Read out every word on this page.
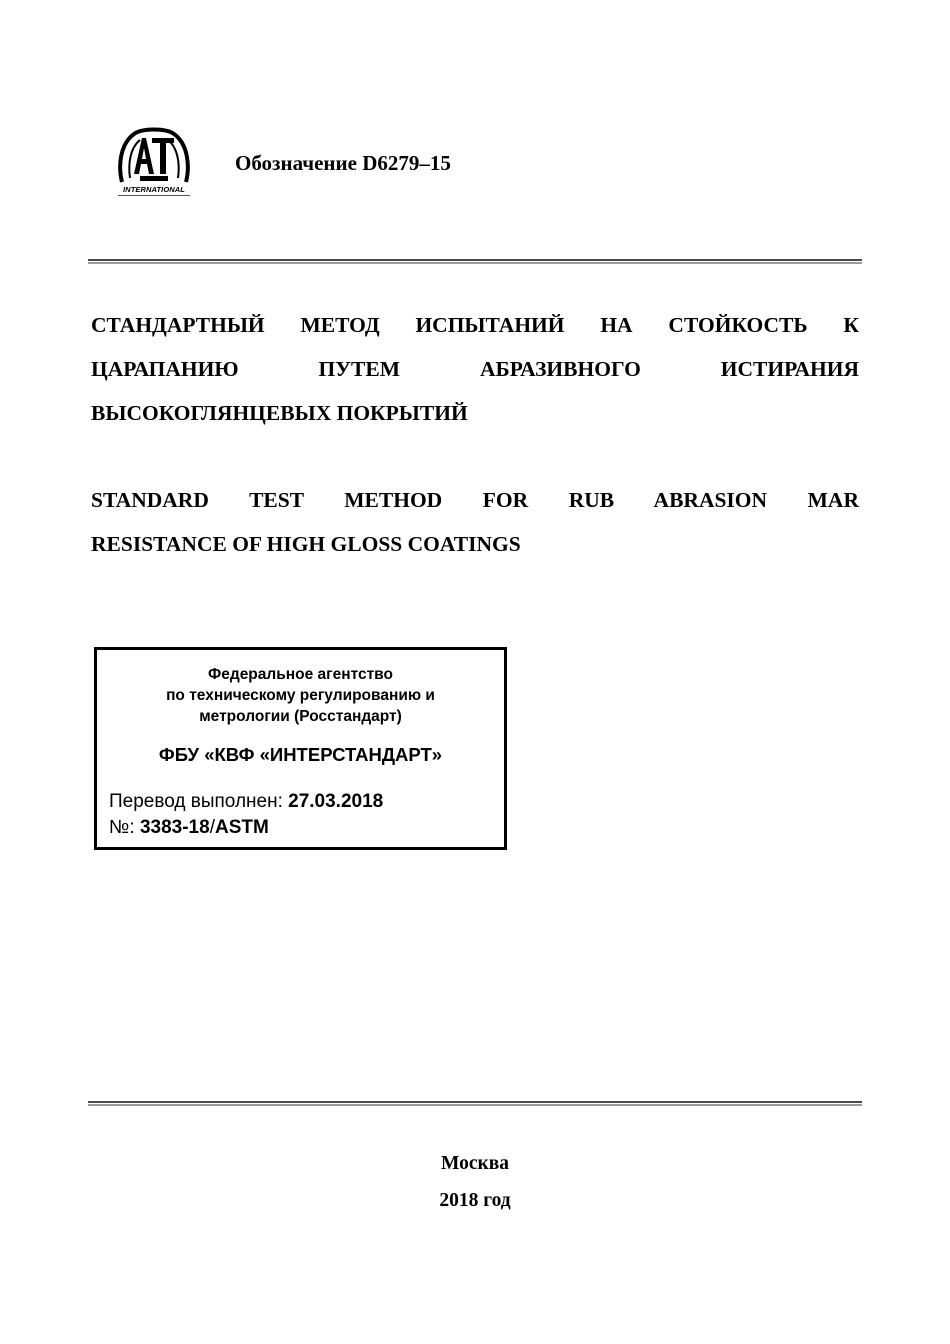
INTERNATIONAL
Обозначение D6279–15
СТАНДАРТНЫЙ МЕТОД ИСПЫТАНИЙ НА СТОЙКОСТЬ К
ЦАРАПАНИЮ ПУТЕМ АБРАЗИВНОГО ИСТИРАНИЯ
ВЫСОКОГЛЯНЦЕВЫХ ПОКРЫТИЙ
STANDARD TEST METHOD FOR RUB ABRASION MAR
RESISTANCE OF HIGH GLOSS COATINGS
Федеральное агентство
по техническому регулированию и
метрологии (Росстандарт)
ФБУ «КВФ «ИНТЕРСТАНДАРТ»
Перевод выполнен: 27.03.2018
№: 3383-18/ASTM
Москва
2018 год
